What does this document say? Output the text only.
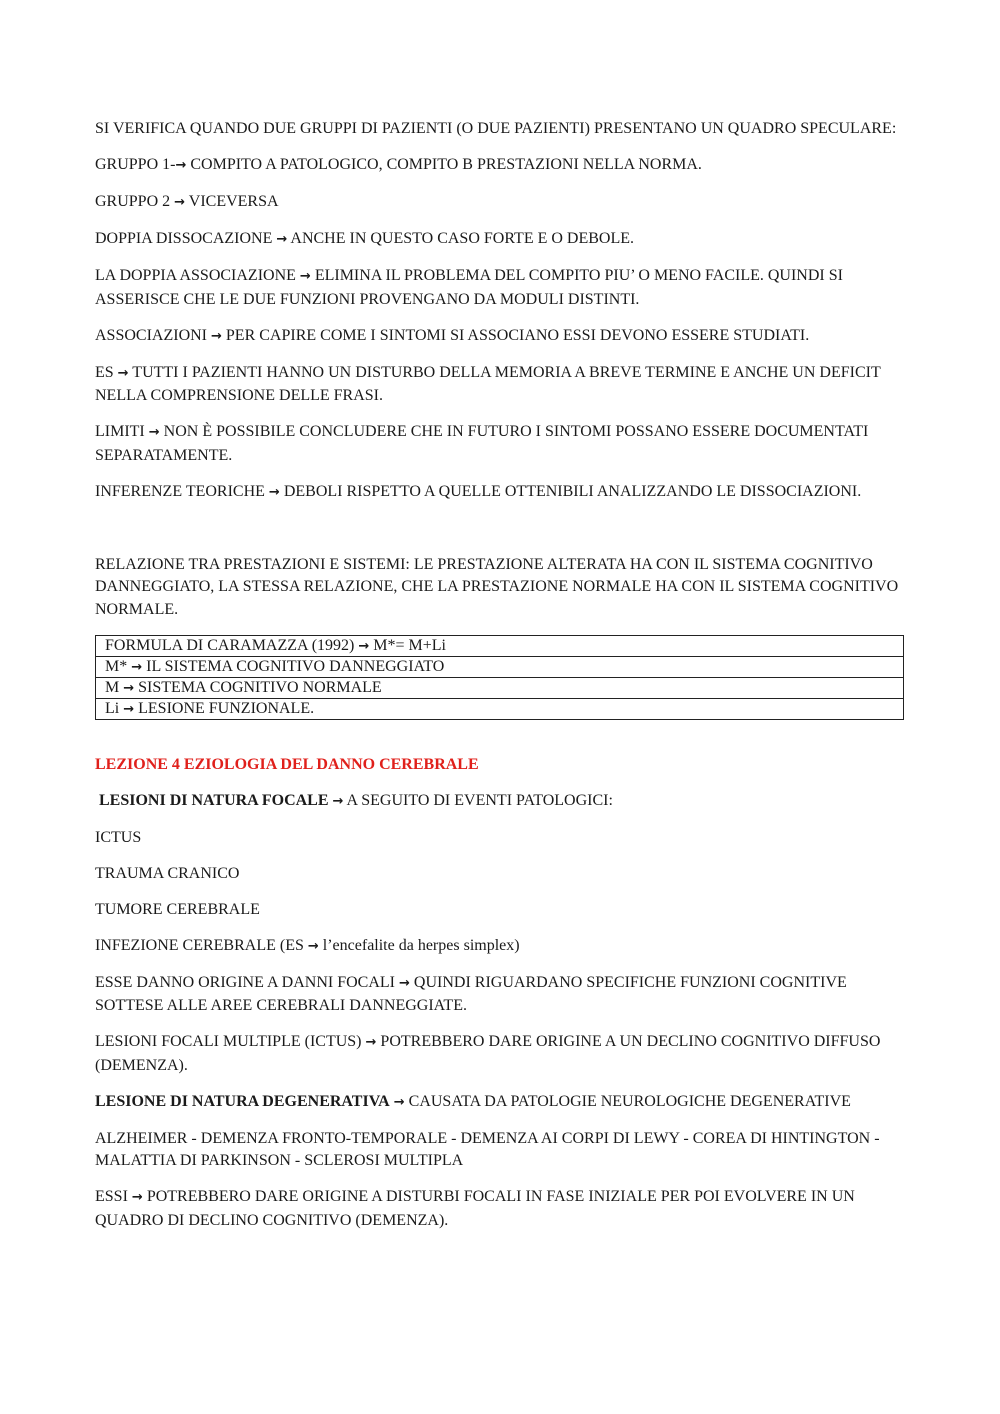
SI VERIFICA QUANDO DUE GRUPPI DI PAZIENTI (O DUE PAZIENTI) PRESENTANO UN QUADRO SPECULARE:

GRUPPO 1-→ COMPITO A PATOLOGICO, COMPITO B PRESTAZIONI NELLA NORMA.

GRUPPO 2 → VICEVERSA

DOPPIA DISSOCAZIONE → ANCHE IN QUESTO CASO FORTE E O DEBOLE.

LA DOPPIA ASSOCIAZIONE → ELIMINA IL PROBLEMA DEL COMPITO PIU’ O MENO FACILE. QUINDI SI ASSERISCE CHE LE DUE FUNZIONI PROVENGANO DA MODULI DISTINTI.

ASSOCIAZIONI → PER CAPIRE COME I SINTOMI SI ASSOCIANO ESSI DEVONO ESSERE STUDIATI.

ES → TUTTI I PAZIENTI HANNO UN DISTURBO DELLA MEMORIA A BREVE TERMINE E ANCHE UN DEFICIT NELLA COMPRENSIONE DELLE FRASI.

LIMITI → NON È POSSIBILE CONCLUDERE CHE IN FUTURO I SINTOMI POSSANO ESSERE DOCUMENTATI SEPARATAMENTE.

INFERENZE TEORICHE → DEBOLI RISPETTO A QUELLE OTTENIBILI ANALIZZANDO LE DISSOCIAZIONI.

RELAZIONE TRA PRESTAZIONI E SISTEMI: LE PRESTAZIONE ALTERATA HA CON IL SISTEMA COGNITIVO DANNEGGIATO, LA STESSA RELAZIONE, CHE LA PRESTAZIONE NORMALE HA CON IL SISTEMA COGNITIVO NORMALE.

FORMULA DI CARAMAZZA (1992) → M*= M+Li
M* → IL SISTEMA COGNITIVO DANNEGGIATO
M → SISTEMA COGNITIVO NORMALE
Li → LESIONE FUNZIONALE.

LEZIONE 4 EZIOLOGIA DEL DANNO CEREBRALE

LESIONI DI NATURA FOCALE → A SEGUITO DI EVENTI PATOLOGICI:

ICTUS

TRAUMA CRANICO

TUMORE CEREBRALE

INFEZIONE CEREBRALE (ES → l’encefalite da herpes simplex)

ESSE DANNO ORIGINE A DANNI FOCALI → QUINDI RIGUARDANO SPECIFICHE FUNZIONI COGNITIVE SOTTESE ALLE AREE CEREBRALI DANNEGGIATE.

LESIONI FOCALI MULTIPLE (ICTUS) → POTREBBERO DARE ORIGINE A UN DECLINO COGNITIVO DIFFUSO (DEMENZA).

LESIONE DI NATURA DEGENERATIVA → CAUSATA DA PATOLOGIE NEUROLOGICHE DEGENERATIVE

ALZHEIMER - DEMENZA FRONTO-TEMPORALE - DEMENZA AI CORPI DI LEWY - COREA DI HINTINGTON - MALATTIA DI PARKINSON - SCLEROSI MULTIPLA

ESSI → POTREBBERO DARE ORIGINE A DISTURBI FOCALI IN FASE INIZIALE PER POI EVOLVERE IN UN QUADRO DI DECLINO COGNITIVO (DEMENZA).
